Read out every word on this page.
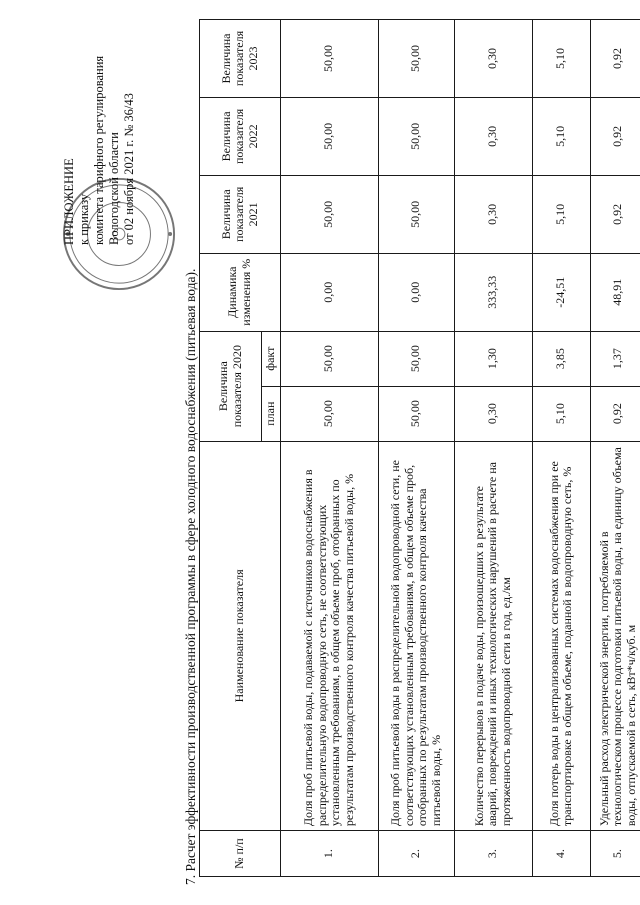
ПРИЛОЖЕНИЕ к приказу комитета тарифного регулирования Вологодской области от 02 ноября 2021 г. № 36/43
7. Расчет эффективности производственной программы в сфере холодного водоснабжения (питьевая вода).	№ п/п	Наименование показателя	Величина показателя 2020		Динамика изменения %	Величина показателя 2021	Величина показателя 2022	Величина показателя 2023
		план	факт				
1.	Доля проб питьевой воды, подаваемой с источников водоснабжения в распределительную водопроводную сеть, не соответствующих установленным требованиям, в общем объеме проб, отобранных по результатам производственного контроля качества питьевой воды, %	50,00	50,00	0,00	50,00	50,00	50,00
2.	Доля проб питьевой воды в распределительной водопроводной сети, не соответствующих установленным требованиям, в общем объеме проб, отобранных по результатам производственного контроля качества питьевой воды, %	50,00	50,00	0,00	50,00	50,00	50,00
3.	Количество перерывов в подаче воды, произошедших в результате аварий, повреждений и иных технологических нарушений в расчете на протяженность водопроводной сети в год, ед./км	0,30	1,30	333,33	0,30	0,30	0,30
4.	Доля потерь воды в централизованных системах водоснабжения при ее транспортировке в общем объеме, поданной в водопроводную сеть, %	5,10	3,85	-24,51	5,10	5,10	5,10
5.	Удельный расход электрической энергии, потребляемой в технологическом процессе подготовки питьевой воды, на единицу объема воды, отпускаемой в сеть, кВт*ч/куб. м	0,92	1,37	48,91	0,92	0,92	0,92
